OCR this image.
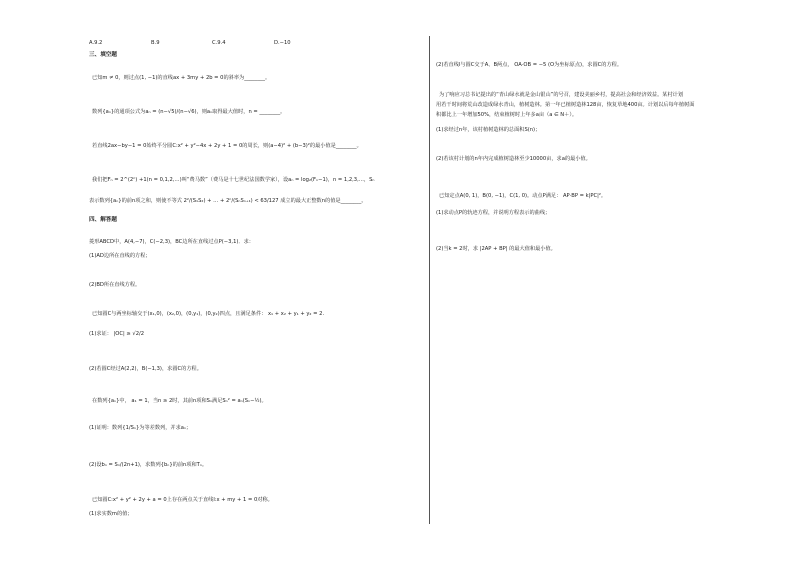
A.9.2	B.9	C.9.4	D.−10
三、填空题
已知m ≠ 0，则过点(1, −1)的直线ax + 3my + 2b = 0的斜率为________。
数列{aₙ}的通项公式为aₙ = (n−√5)/(n−√6)，则aₙ取得最大值时，n = ________。
若直线2ax−by−1 = 0始终平分圆C:x² + y²−4x + 2y + 1 = 0的周长，则(a−4)² + (b−3)²的最小值是________。
我们把Fₙ = 2^(2ⁿ) +1(n = 0,1,2,…)叫“费马数”（费马是十七世纪法国数学家），设aₙ = log₂(Fₙ−1)，n = 1,2,3,…，Sₙ
表示数列{aₙ}的前n项之和，则使不等式 2²/(S₁S₂) + … + 2ⁿ/(SₙSₙ₊₁) < 63/127 成立的最大正整数n的值是________。
四、解答题
菱形ABCD中，A(4,−7)，C(−2,3)，BC边所在直线过点P(−3,1)．求：
(1)AD边所在直线的方程；
(2)BD所在直线方程。
已知圆C与两坐标轴交于(x₁,0)，(x₂,0)，(0,y₁)，(0,y₂)四点，且满足条件： x₁ + x₂ + y₁ + y₂ = 2.
(1)求证： |OC| ≥ √2/2
(2)若圆C经过A(2,2)，B(−1,3)，求圆C的方程。
在数列{aₙ}中， a₁ = 1，当n ≥ 2时，其前n项和Sₙ满足Sₙ² = aₙ(Sₙ−½)。
(1)证明：数列{1/Sₙ}为等差数列，并求aₙ；
(2)设bₙ = Sₙ/(2n+1)，求数列{bₙ}的前n项和Tₙ。
已知圆C:x² + y² + 2y + a = 0上存在两点关于直线l:x + my + 1 = 0对称。
(1)求实数m的值；
(2)若直线l与圆C交于A、B两点， OA·OB = −5 (O为坐标原点)，求圆C的方程。
为了响应习总书记提出的“青山绿水就是金山银山”的号召，建设美丽乡村，提高社会和经济效益。某村计划
用若干时间将荒山改造成绿水青山，植树造林。第一年已植树造林128亩，恢复草地400亩。计划以后每年植树面
积都比上一年增加50%，结束植树时上年多a亩（a ∈ N＋）。
(1)求经过n年，该村植树造林的总面积S(n)；
(2)若该村计划的n年内完成植树造林至少10000亩，求a的最小值。
已知定点A(0, 1)，B(0, −1)，C(1, 0)。动点P满足： AP·BP = k|PC|²。
(1)求动点P的轨迹方程，并说明方程表示的曲线；
(2)当k = 2时，求 |2AP + BP| 的最大值和最小值。
